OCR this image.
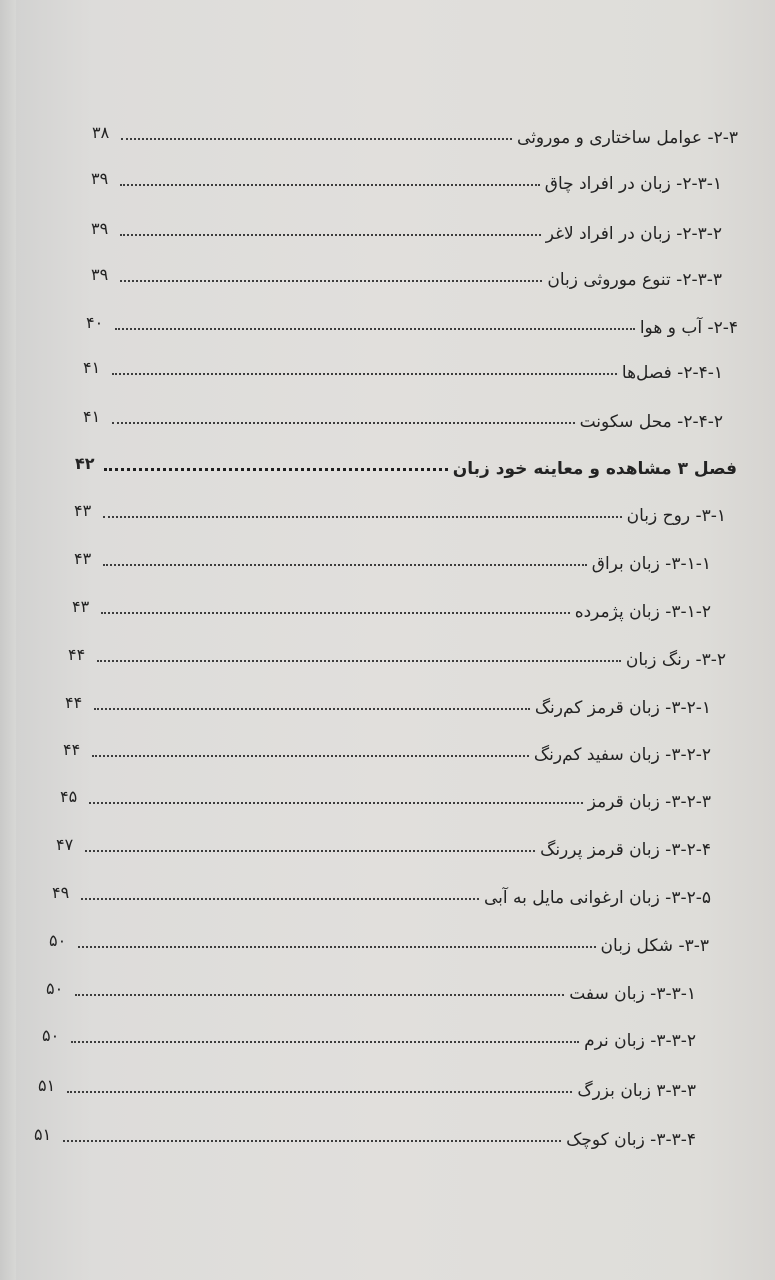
۳۸	۲-۳- عوامل ساختاری و موروثی
۳۹	۲-۳-۱- زبان در افراد چاق
۳۹	۲-۳-۲- زبان در افراد لاغر
۳۹	۲-۳-۳- تنوع موروثی زبان
۴۰	۲-۴- آب و هوا
۴۱	۲-۴-۱- فصل‌ها
۴۱	۲-۴-۲- محل سکونت
۴۲	فصل ۳ مشاهده و معاینه خود زبان
۴۳	۳-۱- روح زبان
۴۳	۳-۱-۱- زبان براق
۴۳	۳-۱-۲- زبان پژمرده
۴۴	۳-۲- رنگ زبان
۴۴	۳-۲-۱- زبان قرمز کم‌رنگ
۴۴	۳-۲-۲- زبان سفید کم‌رنگ
۴۵	۳-۲-۳- زبان قرمز
۴۷	۳-۲-۴- زبان قرمز پررنگ
۴۹	۳-۲-۵- زبان ارغوانی مایل به آبی
۵۰	۳-۳- شکل زبان
۵۰	۳-۳-۱- زبان سفت
۵۰	۳-۳-۲- زبان نرم
۵۱	۳-۳-۳ زبان بزرگ
۵۱	۳-۳-۴- زبان کوچک
